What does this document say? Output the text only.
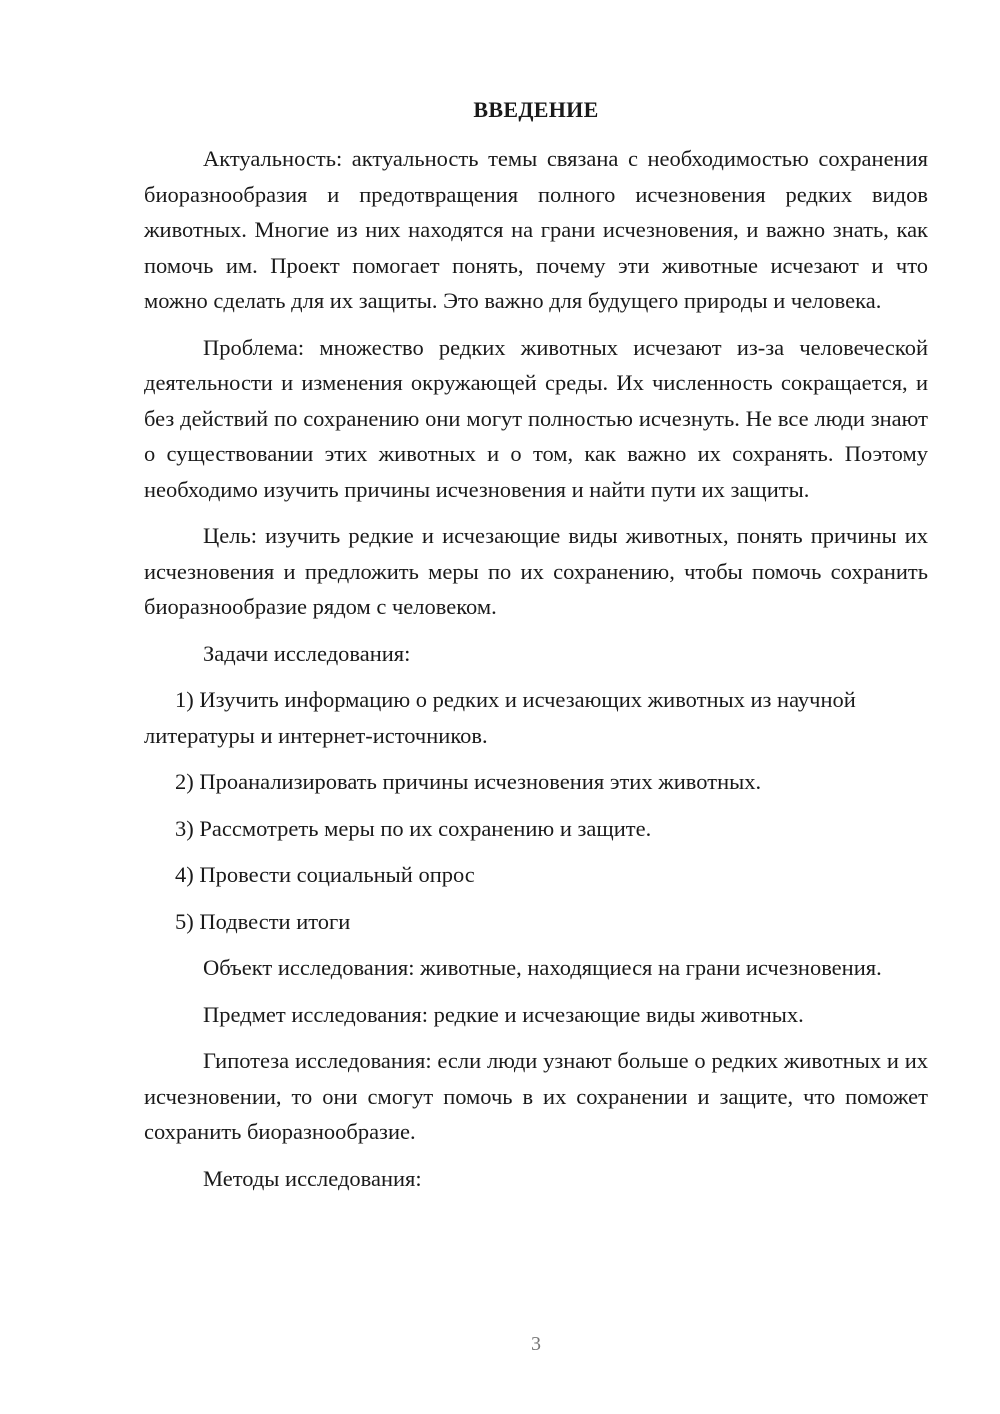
ВВЕДЕНИЕ

Актуальность: актуальность темы связана с необходимостью сохранения биоразнообразия и предотвращения полного исчезновения редких видов животных. Многие из них находятся на грани исчезновения, и важно знать, как помочь им. Проект помогает понять, почему эти животные исчезают и что можно сделать для их защиты. Это важно для будущего природы и человека.

Проблема: множество редких животных исчезают из-за человеческой деятельности и изменения окружающей среды. Их численность сокращается, и без действий по сохранению они могут полностью исчезнуть. Не все люди знают о существовании этих животных и о том, как важно их сохранять. Поэтому необходимо изучить причины исчезновения и найти пути их защиты.

Цель: изучить редкие и исчезающие виды животных, понять причины их исчезновения и предложить меры по их сохранению, чтобы помочь сохранить биоразнообразие рядом с человеком.

Задачи исследования:

1) Изучить информацию о редких и исчезающих животных из научной литературы и интернет-источников.

2) Проанализировать причины исчезновения этих животных.

3) Рассмотреть меры по их сохранению и защите.

4) Провести социальный опрос

5) Подвести итоги

Объект исследования: животные, находящиеся на грани исчезновения.

Предмет исследования: редкие и исчезающие виды животных.

Гипотеза исследования: если люди узнают больше о редких животных и их исчезновении, то они смогут помочь в их сохранении и защите, что поможет сохранить биоразнообразие.

Методы исследования:

3
